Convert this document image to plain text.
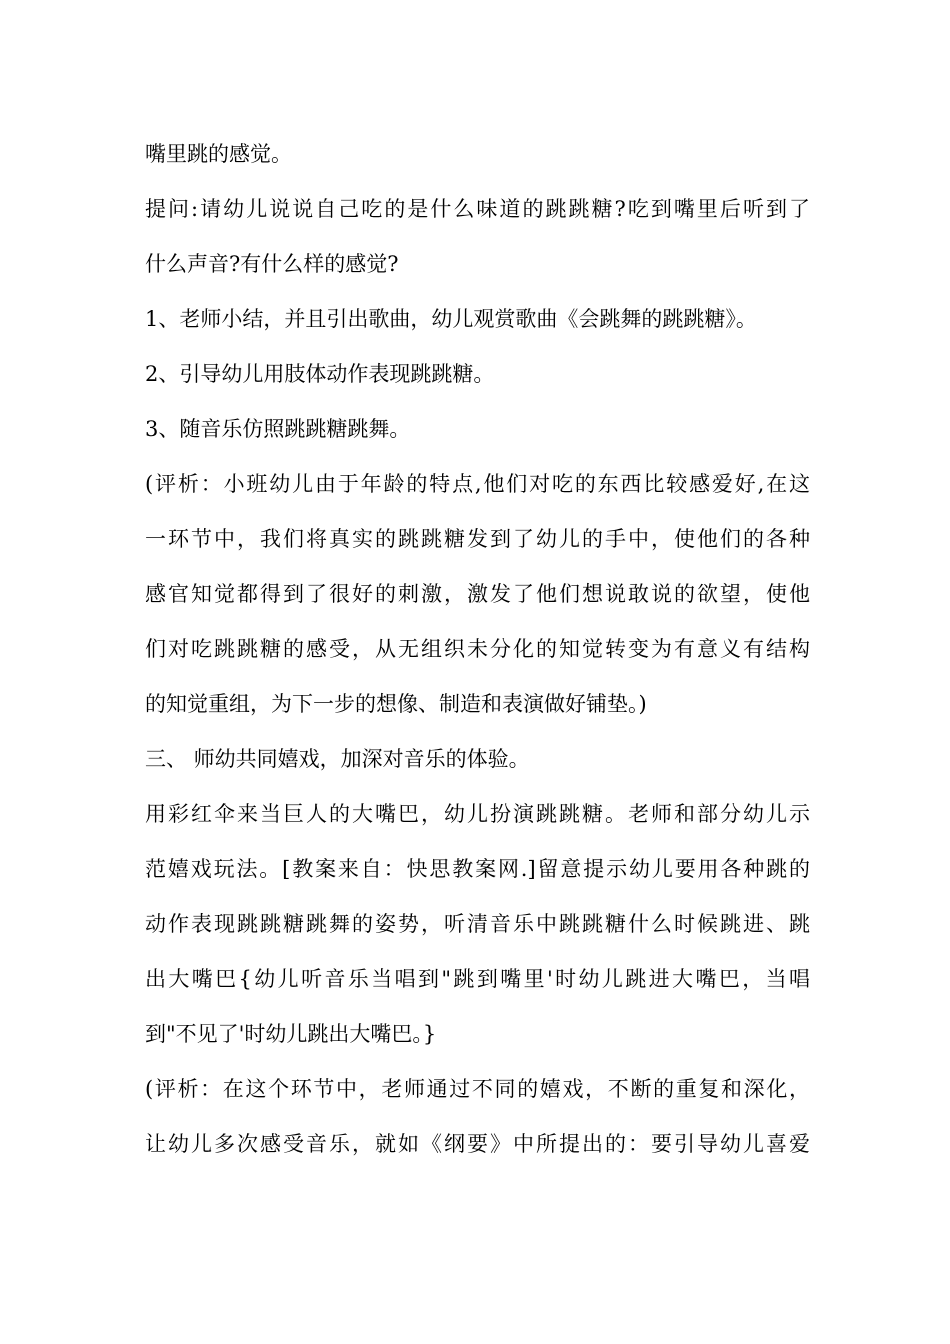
嘴里跳的感觉。
提问:请幼儿说说自己吃的是什么味道的跳跳糖?吃到嘴里后听到了
什么声音?有什么样的感觉?
1、老师小结，并且引出歌曲，幼儿观赏歌曲《会跳舞的跳跳糖》。
2、引导幼儿用肢体动作表现跳跳糖。
3、随音乐仿照跳跳糖跳舞。
(评析：小班幼儿由于年龄的特点,他们对吃的东西比较感爱好,在这
一环节中，我们将真实的跳跳糖发到了幼儿的手中，使他们的各种
感官知觉都得到了很好的刺激，激发了他们想说敢说的欲望，使他
们对吃跳跳糖的感受，从无组织未分化的知觉转变为有意义有结构
的知觉重组，为下一步的想像、制造和表演做好铺垫。)
三、 师幼共同嬉戏，加深对音乐的体验。
用彩红伞来当巨人的大嘴巴，幼儿扮演跳跳糖。老师和部分幼儿示
范嬉戏玩法。[教案来自：快思教案网.]留意提示幼儿要用各种跳的
动作表现跳跳糖跳舞的姿势，听清音乐中跳跳糖什么时候跳进、跳
出大嘴巴{幼儿听音乐当唱到"跳到嘴里'时幼儿跳进大嘴巴，当唱
到"不见了'时幼儿跳出大嘴巴。}
(评析：在这个环节中，老师通过不同的嬉戏，不断的重复和深化，
让幼儿多次感受音乐，就如《纲要》中所提出的：要引导幼儿喜爱
